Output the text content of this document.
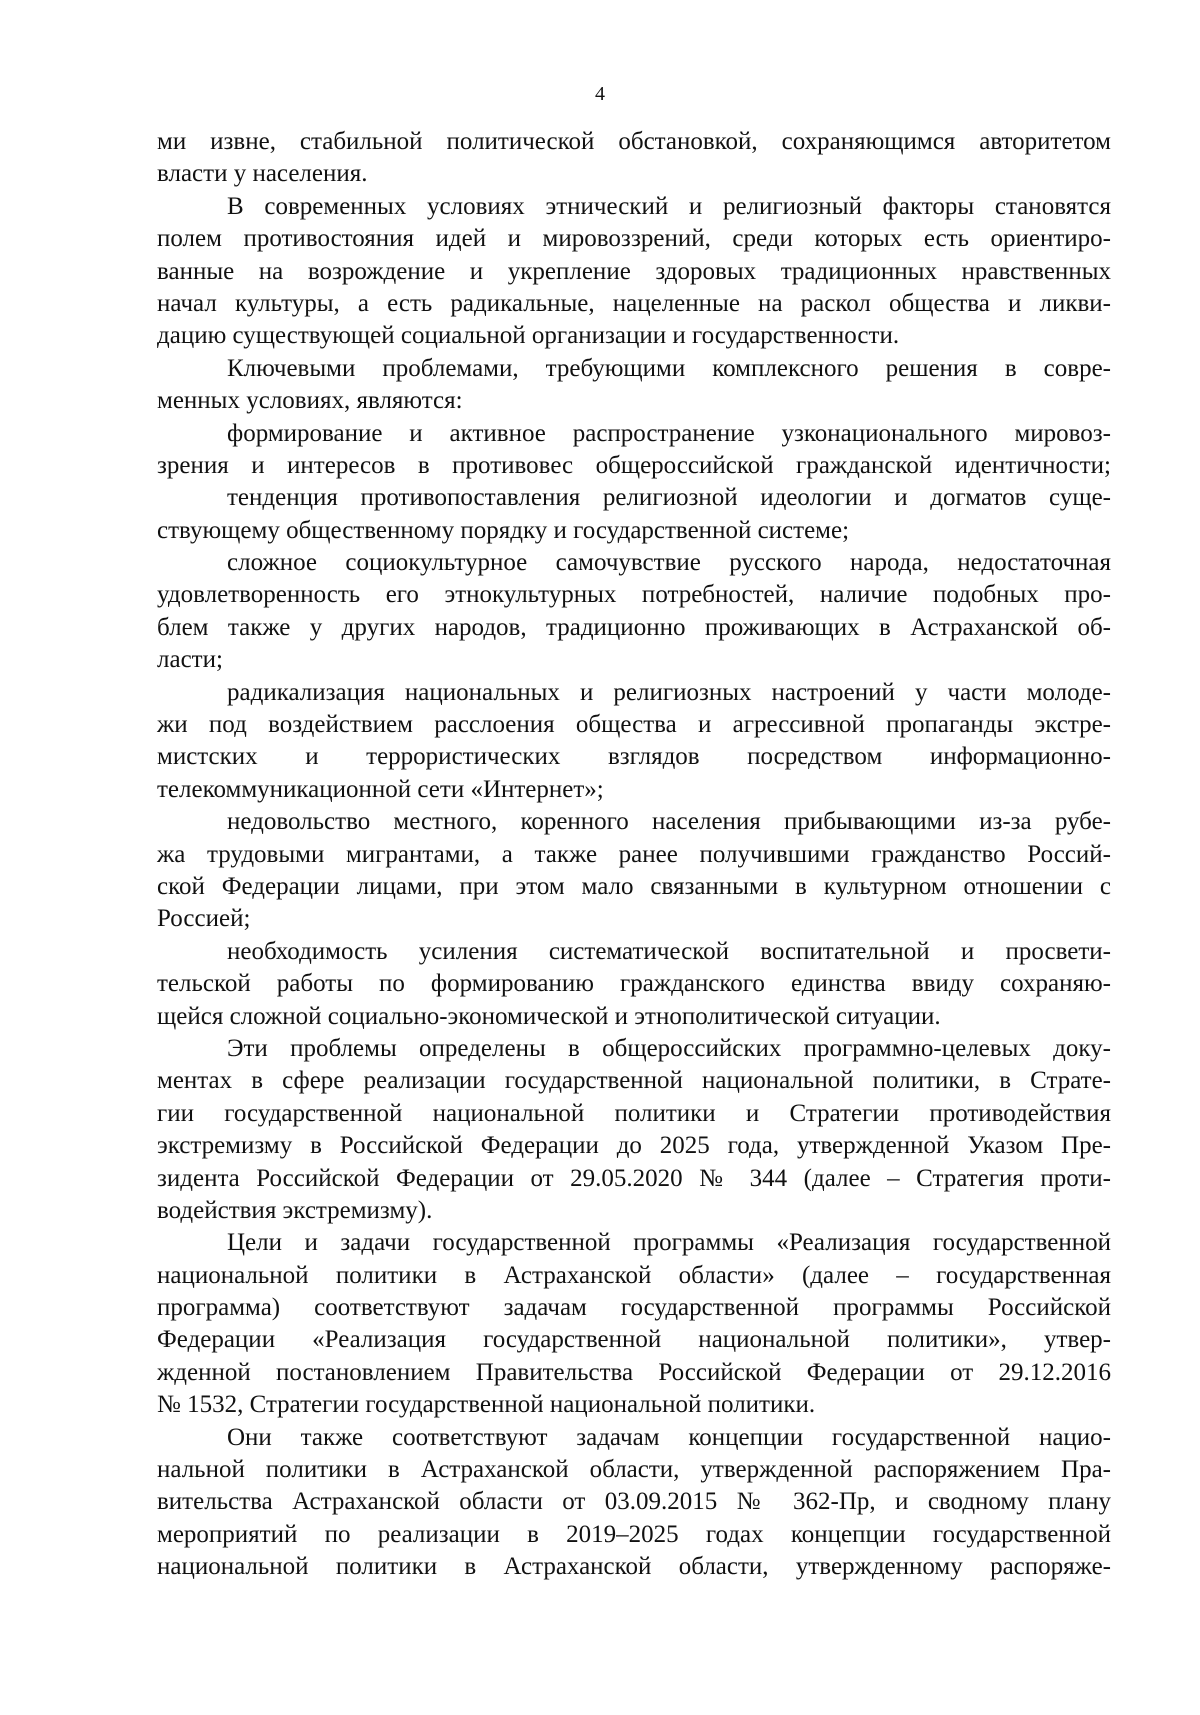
4
ми извне, стабильной политической обстановкой, сохраняющимся авторитетом
власти у населения.
В современных условиях этнический и религиозный факторы становятся
полем противостояния идей и мировоззрений, среди которых есть ориентиро-
ванные на возрождение и укрепление здоровых традиционных нравственных
начал культуры, а есть радикальные, нацеленные на раскол общества и ликви-
дацию существующей социальной организации и государственности.
Ключевыми проблемами, требующими комплексного решения в совре-
менных условиях, являются:
формирование и активное распространение узконационального мировоз-
зрения и интересов в противовес общероссийской гражданской идентичности;
тенденция противопоставления религиозной идеологии и догматов суще-
ствующему общественному порядку и государственной системе;
сложное социокультурное самочувствие русского народа, недостаточная
удовлетворенность его этнокультурных потребностей, наличие подобных про-
блем также у других народов, традиционно проживающих в Астраханской об-
ласти;
радикализация национальных и религиозных настроений у части молоде-
жи под воздействием расслоения общества и агрессивной пропаганды экстре-
мистских и террористических взглядов посредством информационно-
телекоммуникационной сети «Интернет»;
недовольство местного, коренного населения прибывающими из-за рубе-
жа трудовыми мигрантами, а также ранее получившими гражданство Россий-
ской Федерации лицами, при этом мало связанными в культурном отношении с
Россией;
необходимость усиления систематической воспитательной и просвети-
тельской работы по формированию гражданского единства ввиду сохраняю-
щейся сложной социально-экономической и этнополитической ситуации.
Эти проблемы определены в общероссийских программно-целевых доку-
ментах в сфере реализации государственной национальной политики, в Страте-
гии государственной национальной политики и Стратегии противодействия
экстремизму в Российской Федерации до 2025 года, утвержденной Указом Пре-
зидента Российской Федерации от 29.05.2020 № 344 (далее – Стратегия проти-
водействия экстремизму).
Цели и задачи государственной программы «Реализация государственной
национальной политики в Астраханской области» (далее – государственная
программа) соответствуют задачам государственной программы Российской
Федерации «Реализация государственной национальной политики», утвер-
жденной постановлением Правительства Российской Федерации от 29.12.2016
№ 1532, Стратегии государственной национальной политики.
Они также соответствуют задачам концепции государственной нацио-
нальной политики в Астраханской области, утвержденной распоряжением Пра-
вительства Астраханской области от 03.09.2015 № 362-Пр, и сводному плану
мероприятий по реализации в 2019–2025 годах концепции государственной
национальной политики в Астраханской области, утвержденному распоряже-
